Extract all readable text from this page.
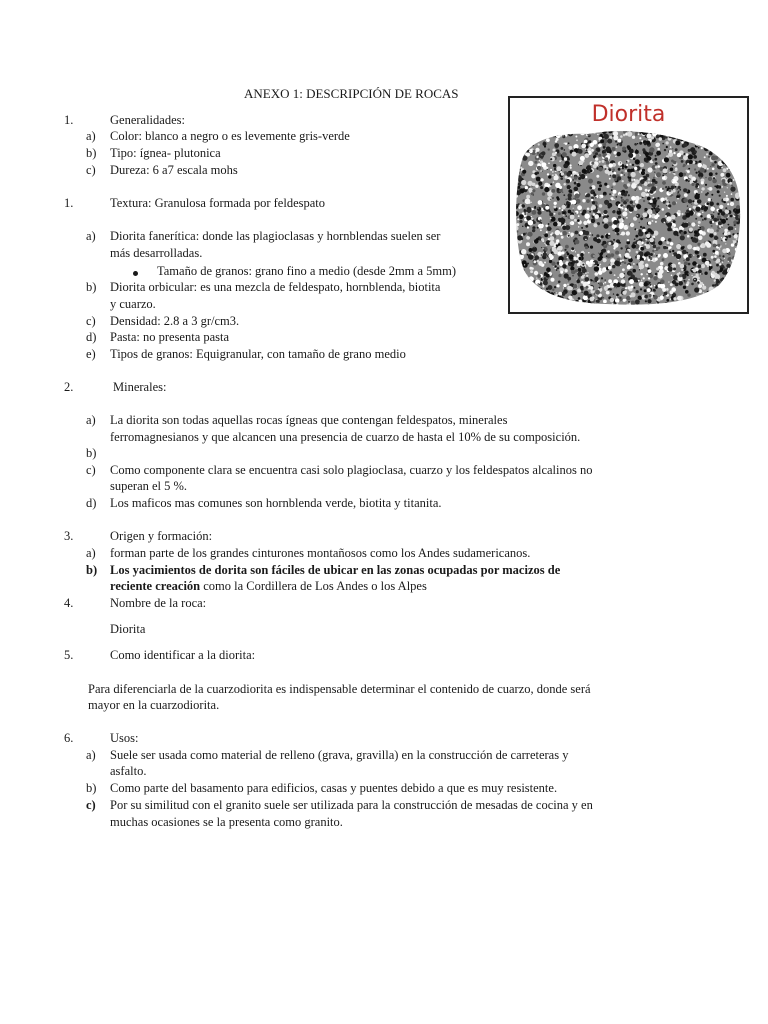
ANEXO 1: DESCRIPCIÓN DE ROCAS
Diorita
1.	Generalidades:
a) Color: blanco a negro o es levemente gris-verde
b) Tipo: ígnea- plutonica
c) Dureza: 6 a7 escala mohs
1.	Textura: Granulosa formada por feldespato
a) Diorita fanerítica: donde las plagioclasas y hornblendas suelen ser
más desarrolladas.
Tamaño de granos: grano fino a medio (desde 2mm a 5mm)
b) Diorita orbicular: es una mezcla de feldespato, hornblenda, biotita
y cuarzo.
c) Densidad: 2.8 a 3 gr/cm3.
d) Pasta: no presenta pasta
e) Tipos de granos: Equigranular, con tamaño de grano medio
2.	Minerales:
a) La diorita son todas aquellas rocas ígneas que contengan feldespatos, minerales
ferromagnesianos y que alcancen una presencia de cuarzo de hasta el 10% de su composición.
b)
c) Como componente clara se encuentra casi solo plagioclasa, cuarzo y los feldespatos alcalinos no
superan el 5 %.
d) Los maficos mas comunes son hornblenda verde, biotita y titanita.
3.	Origen y formación:
a) forman parte de los grandes cinturones montañosos como los Andes sudamericanos.
b) Los yacimientos de dorita son fáciles de ubicar en las zonas ocupadas por macizos de
reciente creación como la Cordillera de Los Andes o los Alpes
4.	Nombre de la roca:
Diorita
5.	Como identificar a la diorita:
Para diferenciarla de la cuarzodiorita es indispensable determinar el contenido de cuarzo, donde será
mayor en la cuarzodiorita.
6.	Usos:
a) Suele ser usada como material de relleno (grava, gravilla) en la construcción de carreteras y
asfalto.
b) Como parte del basamento para edificios, casas y puentes debido a que es muy resistente.
c) Por su similitud con el granito suele ser utilizada para la construcción de mesadas de cocina y en
muchas ocasiones se la presenta como granito.
